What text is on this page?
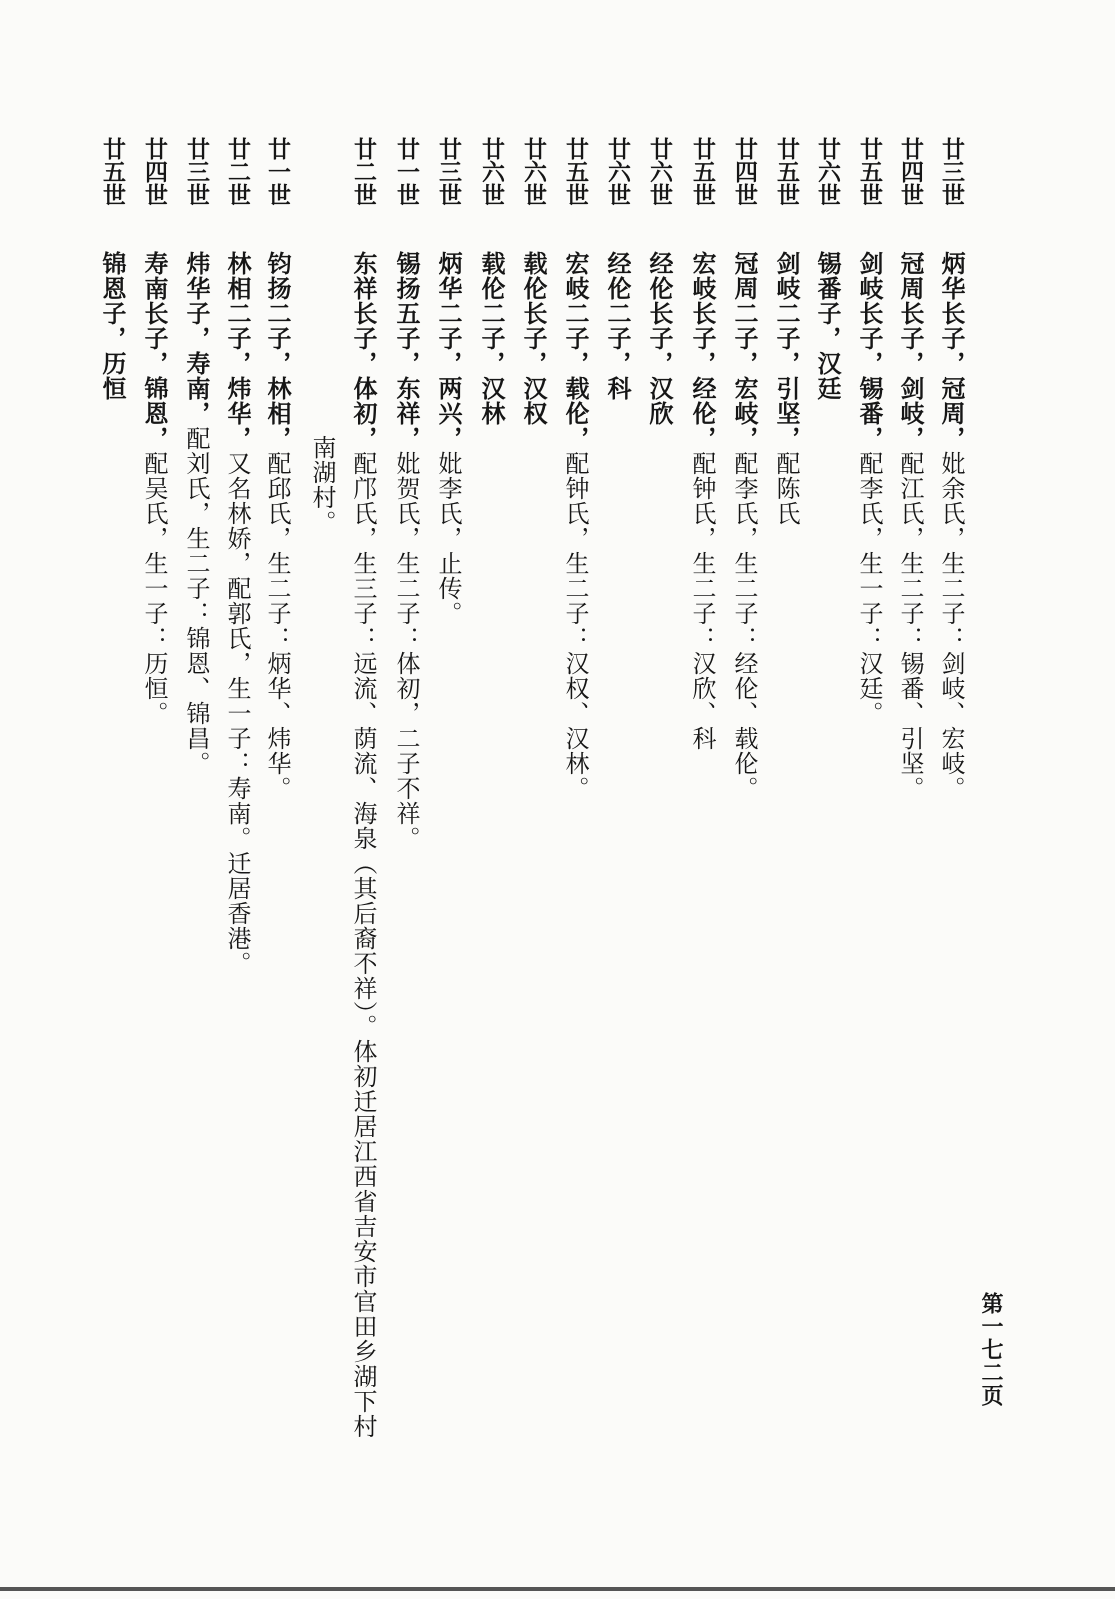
廿三世 炳华长子，冠周，妣余氏，生二子：剑岐、宏岐。
廿四世 冠周长子，剑岐，配江氏，生二子：锡番、引坚。
廿五世 剑岐长子，锡番，配李氏，生一子：汉廷。
廿六世 锡番子，汉廷
廿五世 剑岐二子，引坚，配陈氏
廿四世 冠周二子，宏岐，配李氏，生二子：经伦、载伦。
廿五世 宏岐长子，经伦，配钟氏，生二子：汉欣、科
廿六世 经伦长子，汉欣
廿六世 经伦二子，科
廿五世 宏岐二子，载伦，配钟氏，生二子：汉权、汉林。
廿六世 载伦长子，汉权
廿六世 载伦二子，汉林
廿三世 炳华二子，两兴，妣李氏，止传。
廿一世 锡扬五子，东祥，妣贺氏，生二子：体初，二子不祥。
廿二世 东祥长子，体初，配邝氏，生三子：远流、荫流、海泉（其后裔不祥）。体初迁居江西省吉安市官田乡湖下村
南湖村。
廿一世 钧扬二子，林相，配邱氏，生二子：炳华、炜华。
廿二世 林相二子，炜华，又名林娇，配郭氏，生一子：寿南。迁居香港。
廿三世 炜华子，寿南，配刘氏，生二子：锦恩、锦昌。
廿四世 寿南长子，锦恩，配吴氏，生一子：历恒。
廿五世 锦恩子，历恒
第一七二页
